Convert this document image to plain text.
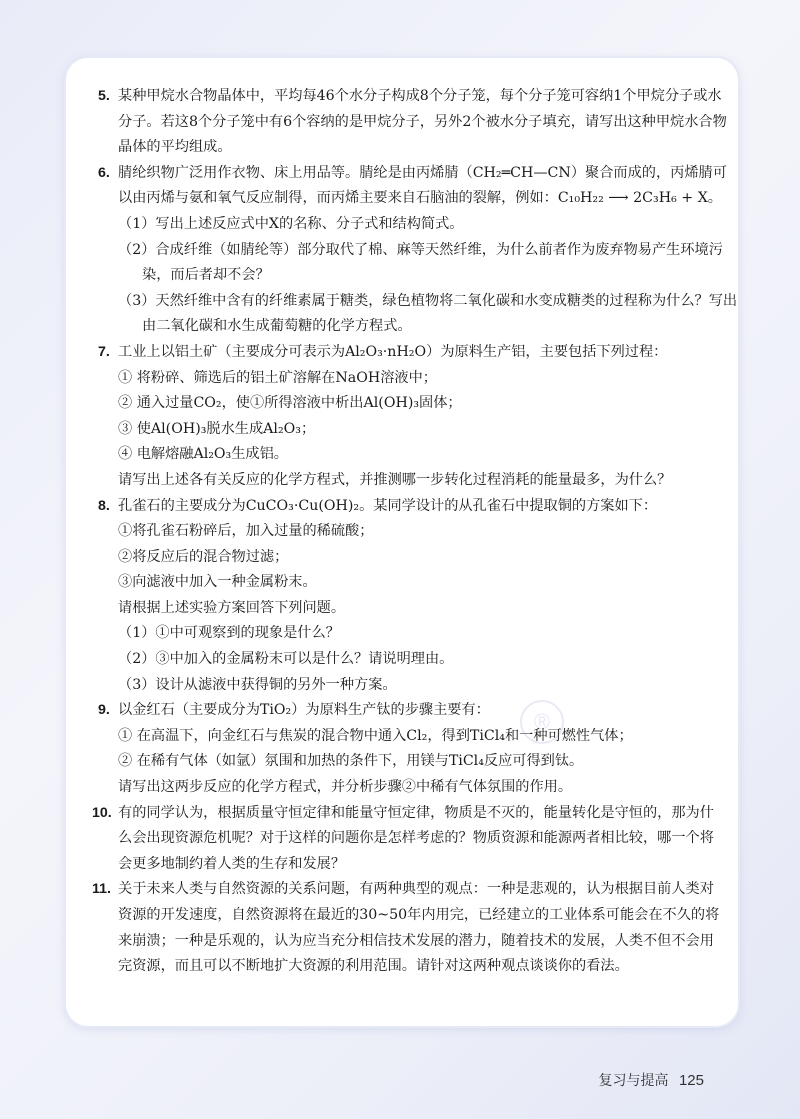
®
5. 某种甲烷水合物晶体中，平均每46个水分子构成8个分子笼，每个分子笼可容纳1个甲烷分子或水
分子。若这8个分子笼中有6个容纳的是甲烷分子，另外2个被水分子填充，请写出这种甲烷水合物
晶体的平均组成。
6. 腈纶织物广泛用作衣物、床上用品等。腈纶是由丙烯腈（CH₂═CH—CN）聚合而成的，丙烯腈可
以由丙烯与氨和氧气反应制得，而丙烯主要来自石脑油的裂解，例如：C₁₀H₂₂ ⟶ 2C₃H₆ + X。
（1）写出上述反应式中X的名称、分子式和结构简式。
（2）合成纤维（如腈纶等）部分取代了棉、麻等天然纤维，为什么前者作为废弃物易产生环境污
染，而后者却不会？
（3）天然纤维中含有的纤维素属于糖类，绿色植物将二氧化碳和水变成糖类的过程称为什么？写出
由二氧化碳和水生成葡萄糖的化学方程式。
7. 工业上以铝土矿（主要成分可表示为Al₂O₃·nH₂O）为原料生产铝，主要包括下列过程：
① 将粉碎、筛选后的铝土矿溶解在NaOH溶液中；
② 通入过量CO₂，使①所得溶液中析出Al(OH)₃固体；
③ 使Al(OH)₃脱水生成Al₂O₃；
④ 电解熔融Al₂O₃生成铝。
请写出上述各有关反应的化学方程式，并推测哪一步转化过程消耗的能量最多，为什么？
8. 孔雀石的主要成分为CuCO₃·Cu(OH)₂。某同学设计的从孔雀石中提取铜的方案如下：
①将孔雀石粉碎后，加入过量的稀硫酸；
②将反应后的混合物过滤；
③向滤液中加入一种金属粉末。
请根据上述实验方案回答下列问题。
（1）①中可观察到的现象是什么？
（2）③中加入的金属粉末可以是什么？请说明理由。
（3）设计从滤液中获得铜的另外一种方案。
9. 以金红石（主要成分为TiO₂）为原料生产钛的步骤主要有：
① 在高温下，向金红石与焦炭的混合物中通入Cl₂，得到TiCl₄和一种可燃性气体；
② 在稀有气体（如氩）氛围和加热的条件下，用镁与TiCl₄反应可得到钛。
请写出这两步反应的化学方程式，并分析步骤②中稀有气体氛围的作用。
10. 有的同学认为，根据质量守恒定律和能量守恒定律，物质是不灭的，能量转化是守恒的，那为什
么会出现资源危机呢？对于这样的问题你是怎样考虑的？物质资源和能源两者相比较，哪一个将
会更多地制约着人类的生存和发展？
11. 关于未来人类与自然资源的关系问题，有两种典型的观点：一种是悲观的，认为根据目前人类对
资源的开发速度，自然资源将在最近的30~50年内用完，已经建立的工业体系可能会在不久的将
来崩溃；一种是乐观的，认为应当充分相信技术发展的潜力，随着技术的发展，人类不但不会用
完资源，而且可以不断地扩大资源的利用范围。请针对这两种观点谈谈你的看法。
复习与提高 125
